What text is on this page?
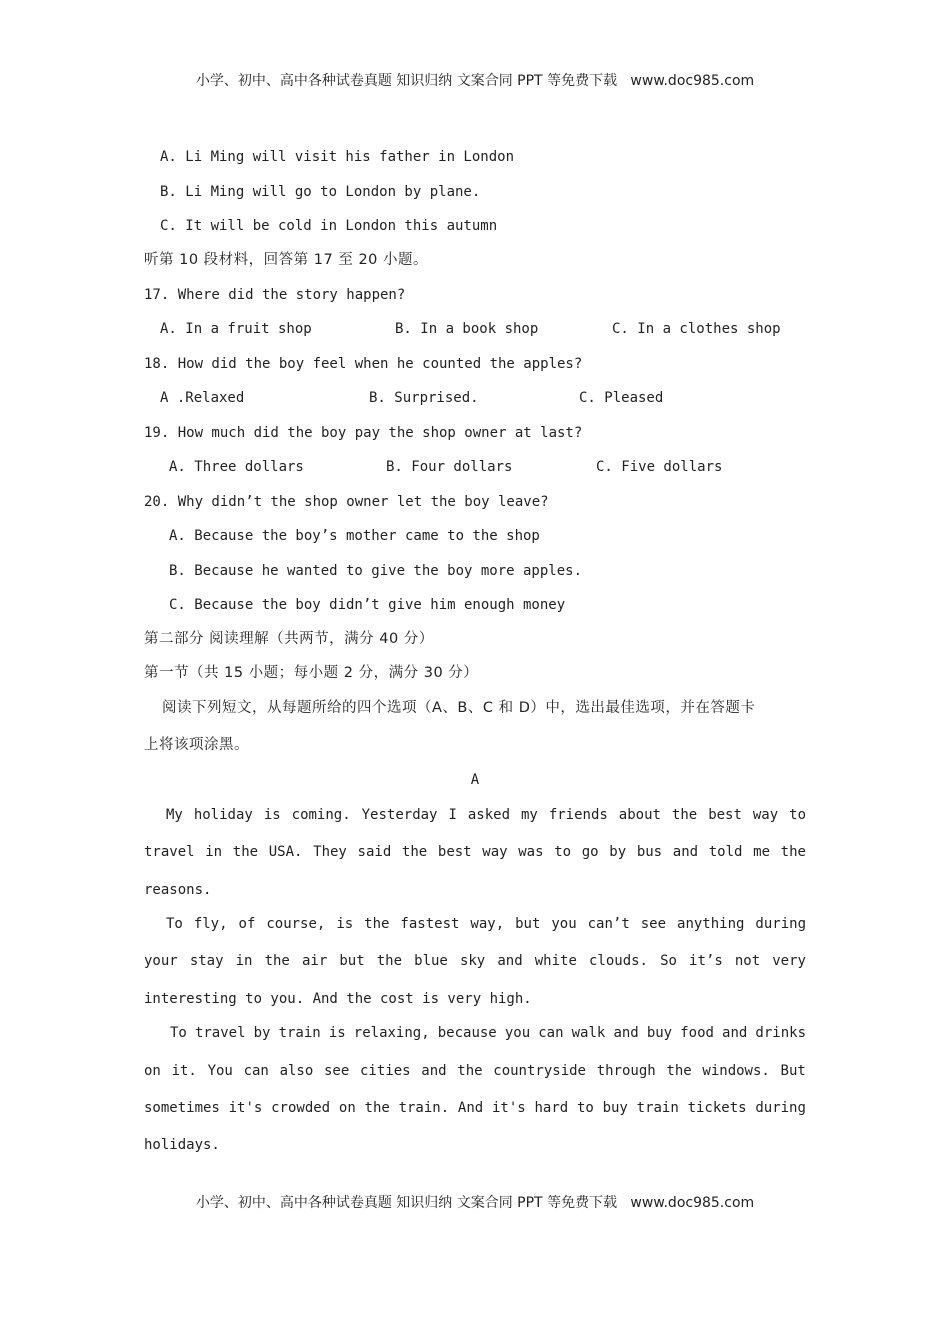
小学、初中、高中各种试卷真题 知识归纳 文案合同 PPT 等免费下载   www.doc985.com
A. Li Ming will visit his father in London
B. Li Ming will go to London by plane.
C. It will be cold in London this autumn
听第 10 段材料，回答第 17 至 20 小题。
17. Where did the story happen?
A. In a fruit shop	B. In a book shop	C. In a clothes shop
18. How did the boy feel when he counted the apples?
A .Relaxed	B. Surprised.	C. Pleased
19. How much did the boy pay the shop owner at last?
A. Three dollars	B. Four dollars	C. Five dollars
20. Why didn’t the shop owner let the boy leave?
A. Because the boy’s mother came to the shop
B. Because he wanted to give the boy more apples.
C. Because the boy didn’t give him enough money
第二部分 阅读理解（共两节，满分 40 分）
第一节（共 15 小题；每小题 2 分，满分 30 分）
阅读下列短文，从每题所给的四个选项（A、B、C 和 D）中，选出最佳选项，并在答题卡
上将该项涂黑。
A
My holiday is coming. Yesterday I asked my friends about the best way to
travel in the USA. They said the best way was to go by bus and told me the
reasons.
To fly, of course, is the fastest way, but you can’t see anything during
your stay in the air but the blue sky and white clouds. So it’s not very
interesting to you. And the cost is very high.
To travel by train is relaxing, because you can walk and buy food and drinks
on it. You can also see cities and the countryside through the windows. But
sometimes it's crowded on the train. And it's hard to buy train tickets during
holidays.
小学、初中、高中各种试卷真题 知识归纳 文案合同 PPT 等免费下载   www.doc985.com
